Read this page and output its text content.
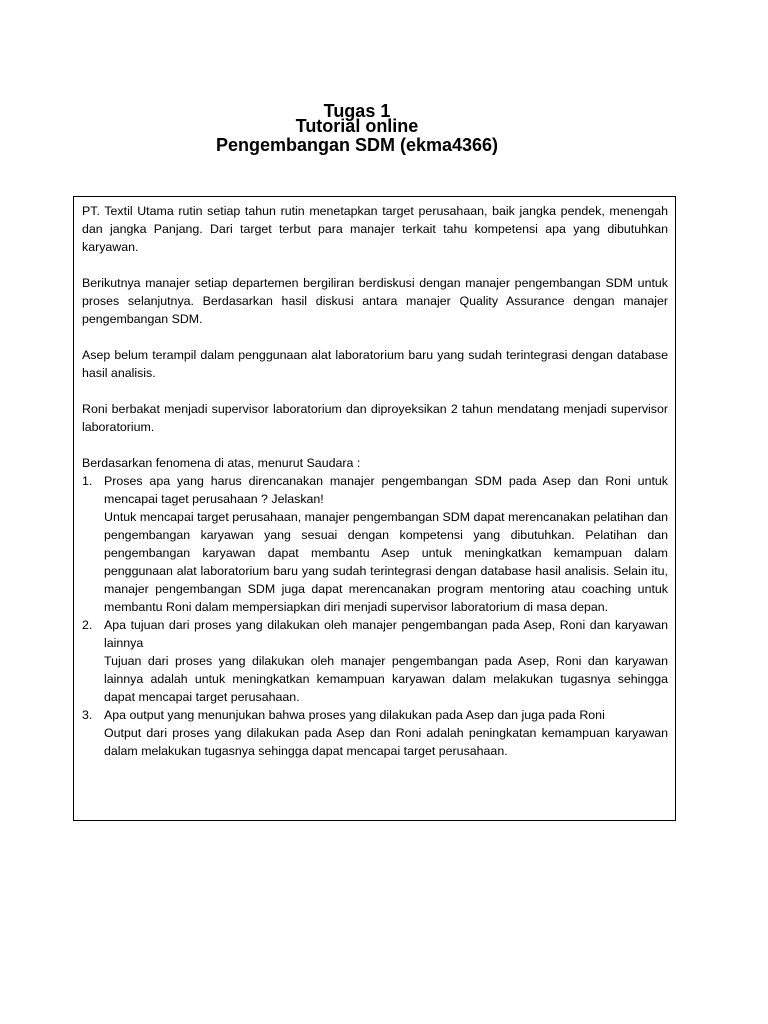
Tugas 1
Tutorial online
Pengembangan SDM (ekma4366)

PT. Textil Utama rutin setiap tahun rutin menetapkan target perusahaan, baik jangka pendek, menengah dan jangka Panjang. Dari target terbut para manajer terkait tahu kompetensi apa yang dibutuhkan karyawan.

Berikutnya manajer setiap departemen bergiliran berdiskusi dengan manajer pengembangan SDM untuk proses selanjutnya. Berdasarkan hasil diskusi antara manajer Quality Assurance dengan manajer pengembangan SDM.

Asep belum terampil dalam penggunaan alat laboratorium baru yang sudah terintegrasi dengan database hasil analisis.

Roni berbakat menjadi supervisor laboratorium dan diproyeksikan 2 tahun mendatang menjadi supervisor laboratorium.

Berdasarkan fenomena di atas, menurut Saudara :

1. Proses apa yang harus direncanakan manajer pengembangan SDM pada Asep dan Roni untuk mencapai taget perusahaan ? Jelaskan!
Untuk mencapai target perusahaan, manajer pengembangan SDM dapat merencanakan pelatihan dan pengembangan karyawan yang sesuai dengan kompetensi yang dibutuhkan. Pelatihan dan pengembangan karyawan dapat membantu Asep untuk meningkatkan kemampuan dalam penggunaan alat laboratorium baru yang sudah terintegrasi dengan database hasil analisis. Selain itu, manajer pengembangan SDM juga dapat merencanakan program mentoring atau coaching untuk membantu Roni dalam mempersiapkan diri menjadi supervisor laboratorium di masa depan.
2. Apa tujuan dari proses yang dilakukan oleh manajer pengembangan pada Asep, Roni dan karyawan lainnya
Tujuan dari proses yang dilakukan oleh manajer pengembangan pada Asep, Roni dan karyawan lainnya adalah untuk meningkatkan kemampuan karyawan dalam melakukan tugasnya sehingga dapat mencapai target perusahaan.
3. Apa output yang menunjukan bahwa proses yang dilakukan pada Asep dan juga pada Roni
Output dari proses yang dilakukan pada Asep dan Roni adalah peningkatan kemampuan karyawan dalam melakukan tugasnya sehingga dapat mencapai target perusahaan.
